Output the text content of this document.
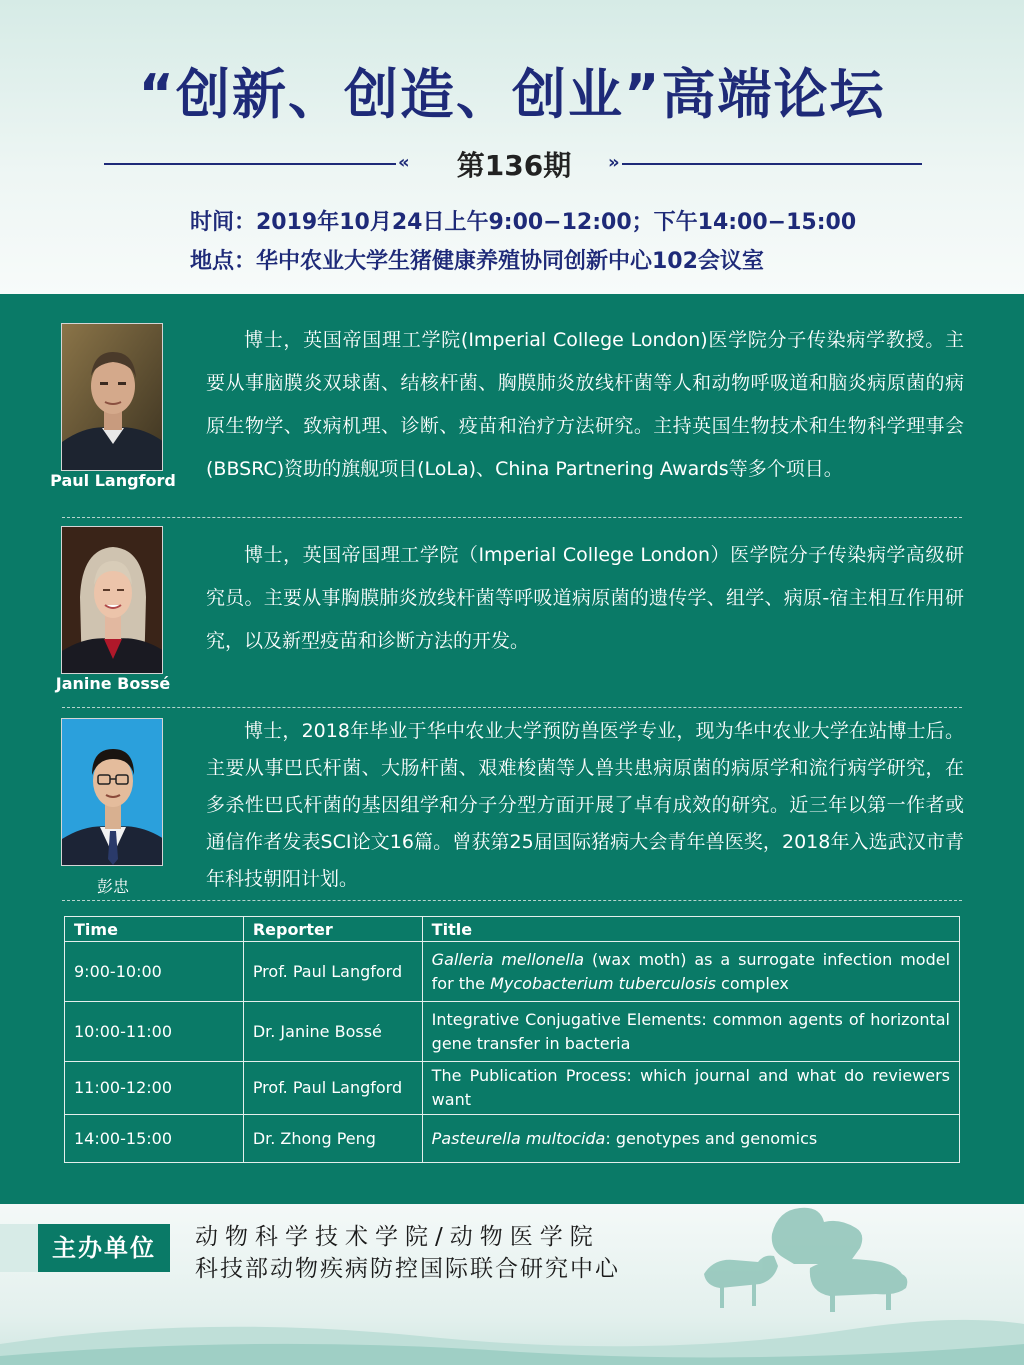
“创新、创造、创业”高端论坛
«	第136期	»
时间：2019年10月24日上午9:00−12:00；下午14:00−15:00
地点：华中农业大学生猪健康养殖协同创新中心102会议室
Paul Langford
博士，英国帝国理工学院(Imperial College London)医学院分子传染病学教授。主要从事脑膜炎双球菌、结核杆菌、胸膜肺炎放线杆菌等人和动物呼吸道和脑炎病原菌的病原生物学、致病机理、诊断、疫苗和治疗方法研究。主持英国生物技术和生物科学理事会(BBSRC)资助的旗舰项目(LoLa)、China Partnering Awards等多个项目。
Janine Bossé
博士，英国帝国理工学院（Imperial College London）医学院分子传染病学高级研究员。主要从事胸膜肺炎放线杆菌等呼吸道病原菌的遗传学、组学、病原-宿主相互作用研究，以及新型疫苗和诊断方法的开发。
彭忠
博士，2018年毕业于华中农业大学预防兽医学专业，现为华中农业大学在站博士后。主要从事巴氏杆菌、大肠杆菌、艰难梭菌等人兽共患病原菌的病原学和流行病学研究，在多杀性巴氏杆菌的基因组学和分子分型方面开展了卓有成效的研究。近三年以第一作者或通信作者发表SCI论文16篇。曾获第25届国际猪病大会青年兽医奖，2018年入选武汉市青年科技朝阳计划。
Time	Reporter	Title
9:00-10:00	Prof. Paul Langford	Galleria mellonella (wax moth) as a surrogate infection model for the Mycobacterium tuberculosis complex
10:00-11:00	Dr. Janine Bossé	Integrative Conjugative Elements: common agents of horizontal gene transfer in bacteria
11:00-12:00	Prof. Paul Langford	The Publication Process: which journal and what do reviewers want
14:00-15:00	Dr. Zhong Peng	Pasteurella multocida: genotypes and genomics
主办单位	动物科学技术学院/动物医学院
科技部动物疾病防控国际联合研究中心
